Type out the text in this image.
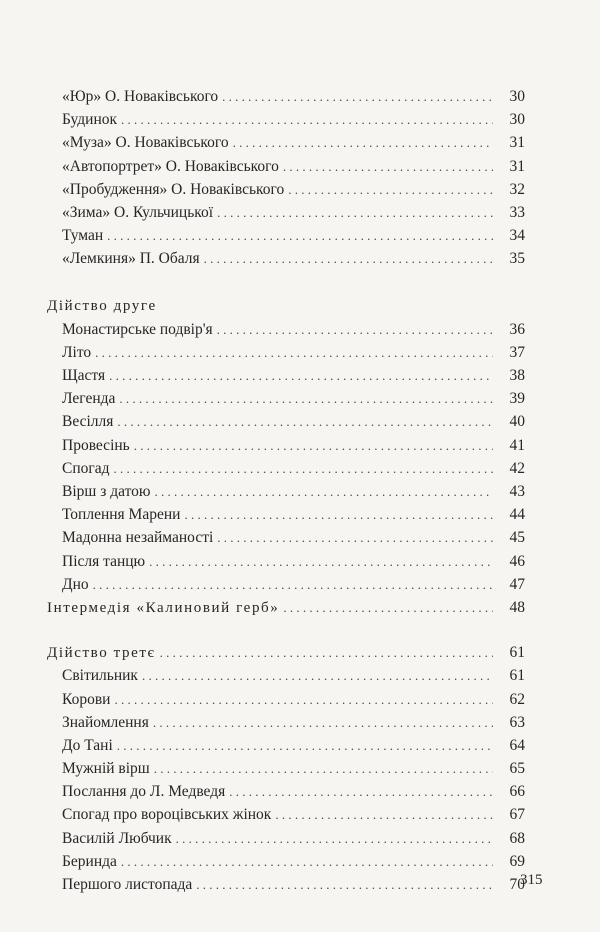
«Юр» О. Новаківського . . .	30
Будинок . . .	30
«Муза» О. Новаківського . . .	31
«Автопортрет» О. Новаківського . . .	31
«Пробудження» О. Новаківського . . .	32
«Зима» О. Кульчицької . . .	33
Туман . . .	34
«Лемкиня» П. Обаля . . .	35
Дійство друге
Монастирське подвір'я . . .	36
Літо . . .	37
Щастя . . .	38
Легенда . . .	39
Весілля . . .	40
Провесінь . . .	41
Спогад . . .	42
Вірш з датою . . .	43
Топлення Марени . . .	44
Мадонна незайманості . . .	45
Після танцю . . .	46
Дно . . .	47
Інтермедія «Калиновий герб» . . .	48
Дійство третє . . .	61
Світильник . . .	61
Корови . . .	62
Знайомлення . . .	63
До Тані . . .	64
Мужній вірш . . .	65
Послання до Л. Медведя . . .	66
Спогад про вороцівських жінок . . .	67
Василій Любчик . . .	68
Беринда . . .	69
Першого листопада . . .	70
315
